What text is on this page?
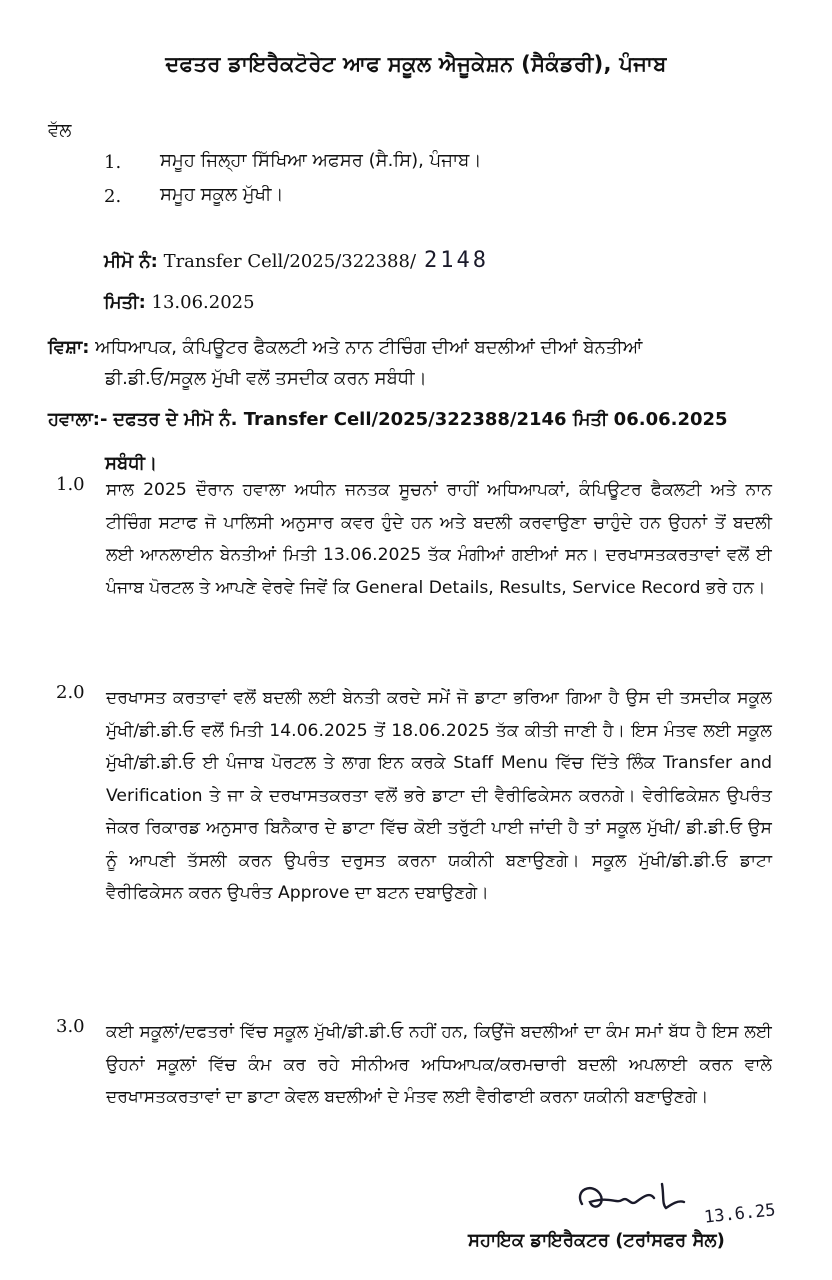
ਦਫਤਰ ਡਾਇਰੈਕਟੋਰੇਟ ਆਫ ਸਕੂਲ ਐਜੂਕੇਸ਼ਨ (ਸੈਕੰਡਰੀ), ਪੰਜਾਬ
ਵੱਲ
1. ਸਮੂਹ ਜਿਲ੍ਹਾ ਸਿੱਖਿਆ ਅਫਸਰ (ਸੈ.ਸਿ), ਪੰਜਾਬ।
2. ਸਮੂਹ ਸਕੂਲ ਮੁੱਖੀ।
ਮੀਮੋ ਨੰ: Transfer Cell/2025/322388/ 2148
ਮਿਤੀ: 13.06.2025
ਵਿਸ਼ਾ: ਅਧਿਆਪਕ, ਕੰਪਿਊਟਰ ਫੈਕਲਟੀ ਅਤੇ ਨਾਨ ਟੀਚਿੰਗ ਦੀਆਂ ਬਦਲੀਆਂ ਦੀਆਂ ਬੇਨਤੀਆਂ
ਡੀ.ਡੀ.ਓ/ਸਕੂਲ ਮੁੱਖੀ ਵਲੋਂ ਤਸਦੀਕ ਕਰਨ ਸਬੰਧੀ।
ਹਵਾਲਾ:- ਦਫਤਰ ਦੇ ਮੀਮੋ ਨੰ. Transfer Cell/2025/322388/2146 ਮਿਤੀ 06.06.2025
ਸਬੰਧੀ।
1.0 ਸਾਲ 2025 ਦੌਰਾਨ ਹਵਾਲਾ ਅਧੀਨ ਜਨਤਕ ਸੂਚਨਾਂ ਰਾਹੀਂ ਅਧਿਆਪਕਾਂ, ਕੰਪਿਊਟਰ ਫੈਕਲਟੀ ਅਤੇ ਨਾਨ ਟੀਚਿੰਗ ਸਟਾਫ ਜੋ ਪਾਲਿਸੀ ਅਨੁਸਾਰ ਕਵਰ ਹੁੰਦੇ ਹਨ ਅਤੇ ਬਦਲੀ ਕਰਵਾਉਣਾ ਚਾਹੁੰਦੇ ਹਨ ਉਹਨਾਂ ਤੋਂ ਬਦਲੀ ਲਈ ਆਨਲਾਈਨ ਬੇਨਤੀਆਂ ਮਿਤੀ 13.06.2025 ਤੱਕ ਮੰਗੀਆਂ ਗਈਆਂ ਸਨ। ਦਰਖਾਸਤਕਰਤਾਵਾਂ ਵਲੋਂ ਈ ਪੰਜਾਬ ਪੋਰਟਲ ਤੇ ਆਪਣੇ ਵੇਰਵੇ ਜਿਵੇਂ ਕਿ General Details, Results, Service Record ਭਰੇ ਹਨ।
2.0 ਦਰਖਾਸਤ ਕਰਤਾਵਾਂ ਵਲੋਂ ਬਦਲੀ ਲਈ ਬੇਨਤੀ ਕਰਦੇ ਸਮੇਂ ਜੋ ਡਾਟਾ ਭਰਿਆ ਗਿਆ ਹੈ ਉਸ ਦੀ ਤਸਦੀਕ ਸਕੂਲ ਮੁੱਖੀ/ਡੀ.ਡੀ.ਓ ਵਲੋਂ ਮਿਤੀ 14.06.2025 ਤੋਂ 18.06.2025 ਤੱਕ ਕੀਤੀ ਜਾਣੀ ਹੈ। ਇਸ ਮੰਤਵ ਲਈ ਸਕੂਲ ਮੁੱਖੀ/ਡੀ.ਡੀ.ਓ ਈ ਪੰਜਾਬ ਪੋਰਟਲ ਤੇ ਲਾਗ ਇਨ ਕਰਕੇ Staff Menu ਵਿੱਚ ਦਿੱਤੇ ਲਿੰਕ Transfer and Verification ਤੇ ਜਾ ਕੇ ਦਰਖਾਸਤਕਰਤਾ ਵਲੋਂ ਭਰੇ ਡਾਟਾ ਦੀ ਵੈਰੀਫਿਕੇਸਨ ਕਰਨਗੇ। ਵੇਰੀਫਿਕੇਸ਼ਨ ਉਪਰੰਤ ਜੇਕਰ ਰਿਕਾਰਡ ਅਨੁਸਾਰ ਬਿਨੈਕਾਰ ਦੇ ਡਾਟਾ ਵਿੱਚ ਕੋਈ ਤਰੁੱਟੀ ਪਾਈ ਜਾਂਦੀ ਹੈ ਤਾਂ ਸਕੂਲ ਮੁੱਖੀ/ ਡੀ.ਡੀ.ਓ ਉਸ ਨੂੰ ਆਪਣੀ ਤੱਸਲੀ ਕਰਨ ਉਪਰੰਤ ਦਰੁਸਤ ਕਰਨਾ ਯਕੀਨੀ ਬਣਾਉਣਗੇ। ਸਕੂਲ ਮੁੱਖੀ/ਡੀ.ਡੀ.ਓ ਡਾਟਾ ਵੈਰੀਫਿਕੇਸਨ ਕਰਨ ਉਪਰੰਤ Approve ਦਾ ਬਟਨ ਦਬਾਉਣਗੇ।
3.0 ਕਈ ਸਕੂਲਾਂ/ਦਫਤਰਾਂ ਵਿੱਚ ਸਕੂਲ ਮੁੱਖੀ/ਡੀ.ਡੀ.ਓ ਨਹੀਂ ਹਨ, ਕਿਉਂਜੋ ਬਦਲੀਆਂ ਦਾ ਕੰਮ ਸਮਾਂ ਬੱਧ ਹੈ ਇਸ ਲਈ ਉਹਨਾਂ ਸਕੂਲਾਂ ਵਿੱਚ ਕੰਮ ਕਰ ਰਹੇ ਸੀਨੀਅਰ ਅਧਿਆਪਕ/ਕਰਮਚਾਰੀ ਬਦਲੀ ਅਪਲਾਈ ਕਰਨ ਵਾਲੇ ਦਰਖਾਸਤਕਰਤਾਵਾਂ ਦਾ ਡਾਟਾ ਕੇਵਲ ਬਦਲੀਆਂ ਦੇ ਮੰਤਵ ਲਈ ਵੈਰੀਫਾਈ ਕਰਨਾ ਯਕੀਨੀ ਬਣਾਉਣਗੇ।
13.6.25
ਸਹਾਇਕ ਡਾਇਰੈਕਟਰ (ਟਰਾਂਸਫਰ ਸੈਲ)
